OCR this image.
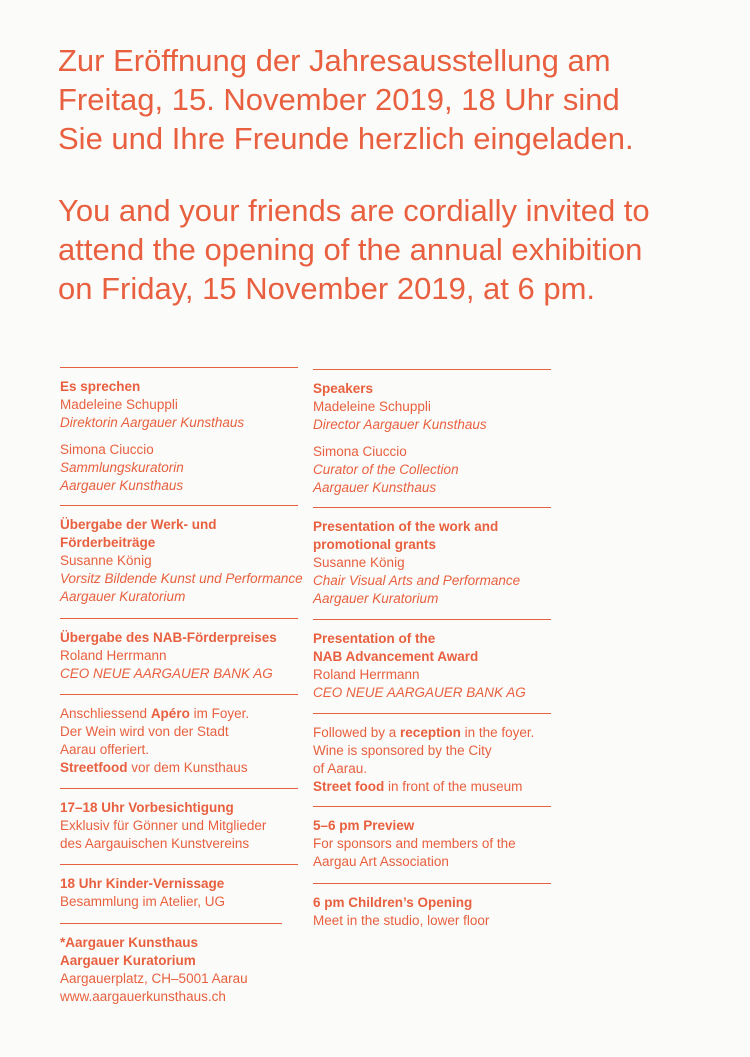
Zur Eröffnung der Jahresausstellung am
Freitag, 15. November 2019, 18 Uhr sind
Sie und Ihre Freunde herzlich eingeladen.
You and your friends are cordially invited to
attend the opening of the annual exhibition
on Friday, 15 November 2019, at 6 pm.
Es sprechen
Madeleine Schuppli
Direktorin Aargauer Kunsthaus
Simona Ciuccio
Sammlungskuratorin
Aargauer Kunsthaus
Übergabe der Werk- und
Förderbeiträge
Susanne König
Vorsitz Bildende Kunst und Performance
Aargauer Kuratorium
Übergabe des NAB-Förderpreises
Roland Herrmann
CEO NEUE AARGAUER BANK AG
Anschliessend Apéro im Foyer.
Der Wein wird von der Stadt
Aarau offeriert.
Streetfood vor dem Kunsthaus
17–18 Uhr Vorbesichtigung
Exklusiv für Gönner und Mitglieder
des Aargauischen Kunstvereins
18 Uhr Kinder-Vernissage
Besammlung im Atelier, UG
*Aargauer Kunsthaus
Aargauer Kuratorium
Aargauerplatz, CH–5001 Aarau
www.aargauerkunsthaus.ch
Speakers
Madeleine Schuppli
Director Aargauer Kunsthaus
Simona Ciuccio
Curator of the Collection
Aargauer Kunsthaus
Presentation of the work and
promotional grants
Susanne König
Chair Visual Arts and Performance
Aargauer Kuratorium
Presentation of the
NAB Advancement Award
Roland Herrmann
CEO NEUE AARGAUER BANK AG
Followed by a reception in the foyer.
Wine is sponsored by the City
of Aarau.
Street food in front of the museum
5–6 pm Preview
For sponsors and members of the
Aargau Art Association
6 pm Children’s Opening
Meet in the studio, lower floor
